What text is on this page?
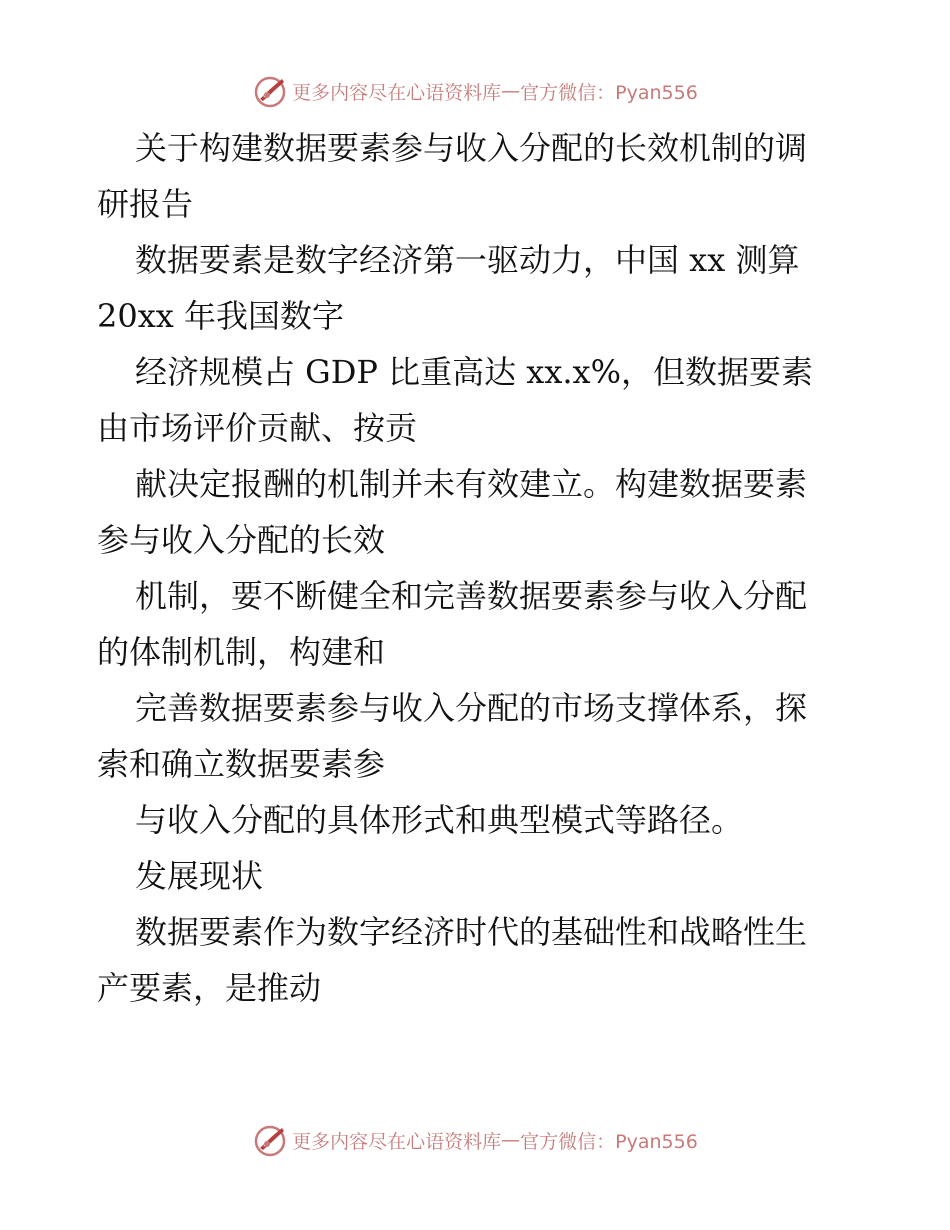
更多内容尽在心语资料库 — 官方微信：Pyan556
关于构建数据要素参与收入分配的长效机制的调
研报告
数据要素是数字经济第一驱动力，中国 xx 测算
20xx 年我国数字
经济规模占 GDP 比重高达 xx.x%，但数据要素
由市场评价贡献、按贡
献决定报酬的机制并未有效建立。构建数据要素
参与收入分配的长效
机制，要不断健全和完善数据要素参与收入分配
的体制机制，构建和
完善数据要素参与收入分配的市场支撑体系，探
索和确立数据要素参
与收入分配的具体形式和典型模式等路径。
发展现状
数据要素作为数字经济时代的基础性和战略性生
产要素，是推动
更多内容尽在心语资料库 — 官方微信：Pyan556
